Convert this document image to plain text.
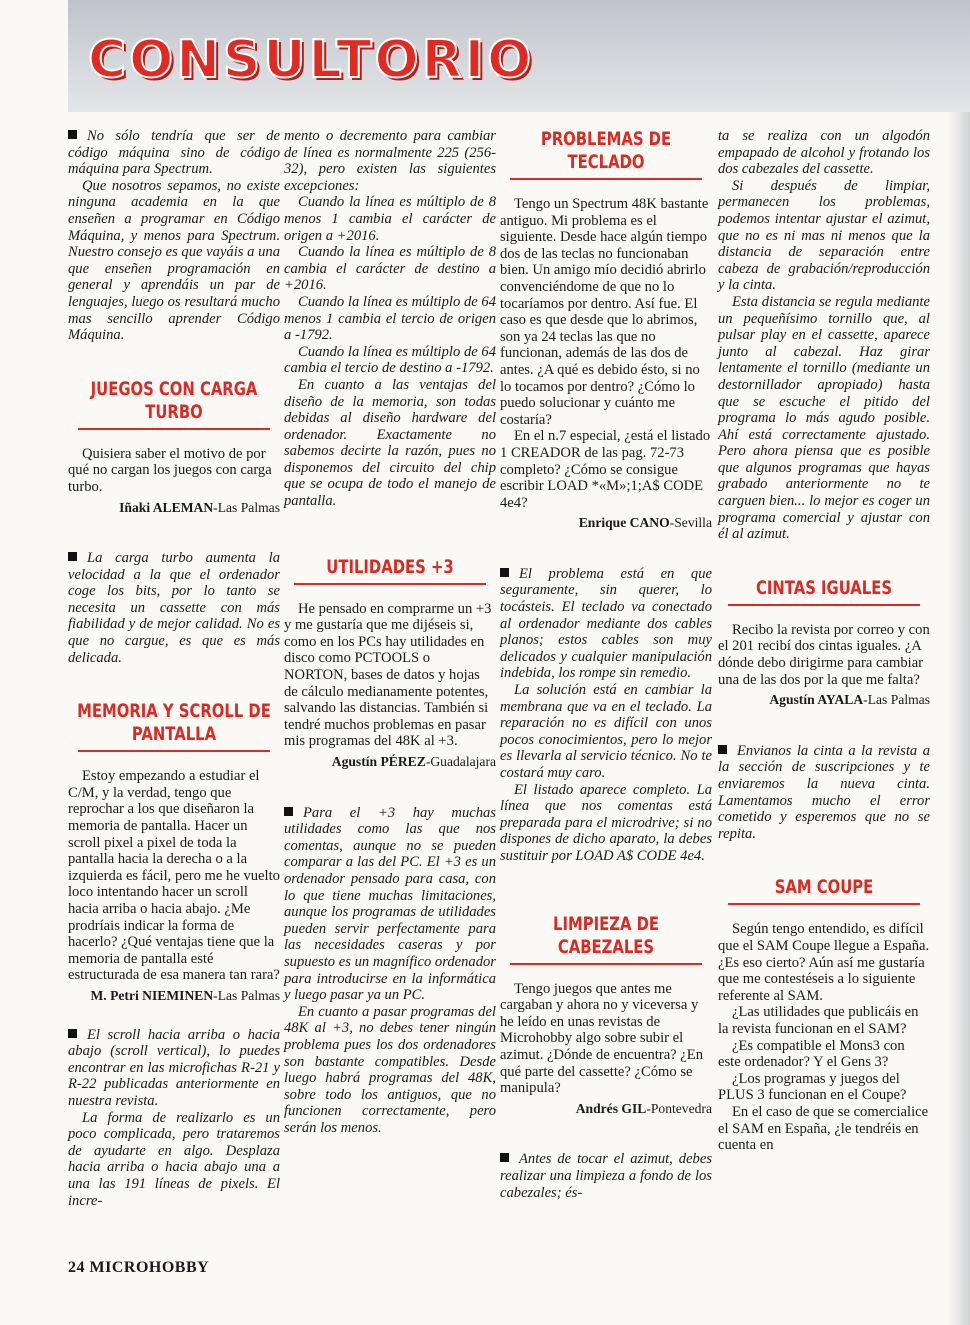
CONSULTORIO

No sólo tendría que ser de código máquina sino de código máquina para Spectrum.

Que nosotros sepamos, no existe ninguna academia en la que enseñen a programar en Código Máquina, y menos para Spectrum. Nuestro consejo es que vayáis a una que enseñen programación en general y aprendáis un par de lenguajes, luego os resultará mucho mas sencillo aprender Código Máquina.

JUEGOS CON CARGA TURBO

Quisiera saber el motivo de por qué no cargan los juegos con carga turbo.

Iñaki ALEMAN-Las Palmas

La carga turbo aumenta la velocidad a la que el ordenador coge los bits, por lo tanto se necesita un cassette con más fiabilidad y de mejor calidad. No es que no cargue, es que es más delicada.

MEMORIA Y SCROLL DE PANTALLA

Estoy empezando a estudiar el C/M, y la verdad, tengo que reprochar a los que diseñaron la memoria de pantalla. Hacer un scroll pixel a pixel de toda la pantalla hacia la derecha o a la izquierda es fácil, pero me he vuelto loco intentando hacer un scroll hacia arriba o hacia abajo. ¿Me prodríais indicar la forma de hacerlo? ¿Qué ventajas tiene que la memoria de pantalla esté estructurada de esa manera tan rara?

M. Petri NIEMINEN-Las Palmas

El scroll hacia arriba o hacia abajo (scroll vertical), lo puedes encontrar en las microfichas R-21 y R-22 publicadas anteriormente en nuestra revista.

La forma de realizarlo es un poco complicada, pero trataremos de ayudarte en algo. Desplaza hacia arriba o hacia abajo una a una las 191 líneas de pixels. El incre-

mento o decremento para cambiar de línea es normalmente 225 (256-32), pero existen las siguientes excepciones:

Cuando la línea es múltiplo de 8 menos 1 cambia el carácter de origen a +2016.

Cuando la línea es múltiplo de 8 cambia el carácter de destino a +2016.

Cuando la línea es múltiplo de 64 menos 1 cambia el tercio de origen a -1792.

Cuando la línea es múltiplo de 64 cambia el tercio de destino a -1792.

En cuanto a las ventajas del diseño de la memoria, son todas debidas al diseño hardware del ordenador. Exactamente no sabemos decirte la razón, pues no disponemos del circuito del chip que se ocupa de todo el manejo de pantalla.

UTILIDADES +3

He pensado en comprarme un +3 y me gustaría que me dijéseis si, como en los PCs hay utilidades en disco como PCTOOLS o NORTON, bases de datos y hojas de cálculo medianamente potentes, salvando las distancias. También si tendré muchos problemas en pasar mis programas del 48K al +3.

Agustín PÉREZ-Guadalajara

Para el +3 hay muchas utilidades como las que nos comentas, aunque no se pueden comparar a las del PC. El +3 es un ordenador pensado para casa, con lo que tiene muchas limitaciones, aunque los programas de utilidades pueden servir perfectamente para las necesidades caseras y por supuesto es un magnífico ordenador para introducirse en la informática y luego pasar ya un PC.

En cuanto a pasar programas del 48K al +3, no debes tener ningún problema pues los dos ordenadores son bastante compatibles. Desde luego habrá programas del 48K, sobre todo los antiguos, que no funcionen correctamente, pero serán los menos.

PROBLEMAS DE TECLADO

Tengo un Spectrum 48K bastante antiguo. Mi problema es el siguiente. Desde hace algún tiempo dos de las teclas no funcionaban bien. Un amigo mío decidió abrirlo convenciéndome de que no lo tocaríamos por dentro. Así fue. El caso es que desde que lo abrimos, son ya 24 teclas las que no funcionan, además de las dos de antes. ¿A qué es debido ésto, si no lo tocamos por dentro? ¿Cómo lo puedo solucionar y cuánto me costaría?

En el n.7 especial, ¿está el listado 1 CREADOR de las pag. 72-73 completo? ¿Cómo se consigue escribir LOAD *«M»;1;A$ CODE 4e4?

Enrique CANO-Sevilla

El problema está en que seguramente, sin querer, lo tocásteis. El teclado va conectado al ordenador mediante dos cables planos; estos cables son muy delicados y cualquier manipulación indebida, los rompe sin remedio.

La solución está en cambiar la membrana que va en el teclado. La reparación no es difícil con unos pocos conocimientos, pero lo mejor es llevarla al servicio técnico. No te costará muy caro.

El listado aparece completo. La línea que nos comentas está preparada para el microdrive; si no dispones de dicho aparato, la debes sustituir por LOAD A$ CODE 4e4.

LIMPIEZA DE CABEZALES

Tengo juegos que antes me cargaban y ahora no y viceversa y he leído en unas revistas de Microhobby algo sobre subir el azimut. ¿Dónde de encuentra? ¿En qué parte del cassette? ¿Cómo se manipula?

Andrés GIL-Pontevedra

Antes de tocar el azimut, debes realizar una limpieza a fondo de los cabezales; és-

ta se realiza con un algodón empapado de alcohol y frotando los dos cabezales del cassette.

Si después de limpiar, permanecen los problemas, podemos intentar ajustar el azimut, que no es ni mas ni menos que la distancia de separación entre cabeza de grabación/reproducción y la cinta.

Esta distancia se regula mediante un pequeñísimo tornillo que, al pulsar play en el cassette, aparece junto al cabezal. Haz girar lentamente el tornillo (mediante un destornillador apropiado) hasta que se escuche el pitido del programa lo más agudo posible. Ahí está correctamente ajustado. Pero ahora piensa que es posible que algunos programas que hayas grabado anteriormente no te carguen bien... lo mejor es coger un programa comercial y ajustar con él al azimut.

CINTAS IGUALES

Recibo la revista por correo y con el 201 recibí dos cintas iguales. ¿A dónde debo dirigirme para cambiar una de las dos por la que me falta?

Agustín AYALA-Las Palmas

Envianos la cinta a la revista a la sección de suscripciones y te enviaremos la nueva cinta. Lamentamos mucho el error cometido y esperemos que no se repita.

SAM COUPE

Según tengo entendido, es difícil que el SAM Coupe llegue a España. ¿Es eso cierto? Aún así me gustaría que me contestéseis a lo siguiente referente al SAM.

¿Las utilidades que publicáis en la revista funcionan en el SAM?

¿Es compatible el Mons3 con este ordenador? Y el Gens 3?

¿Los programas y juegos del PLUS 3 funcionan en el Coupe?

En el caso de que se comercialice el SAM en España, ¿le tendréis en cuenta en

24 MICROHOBBY
